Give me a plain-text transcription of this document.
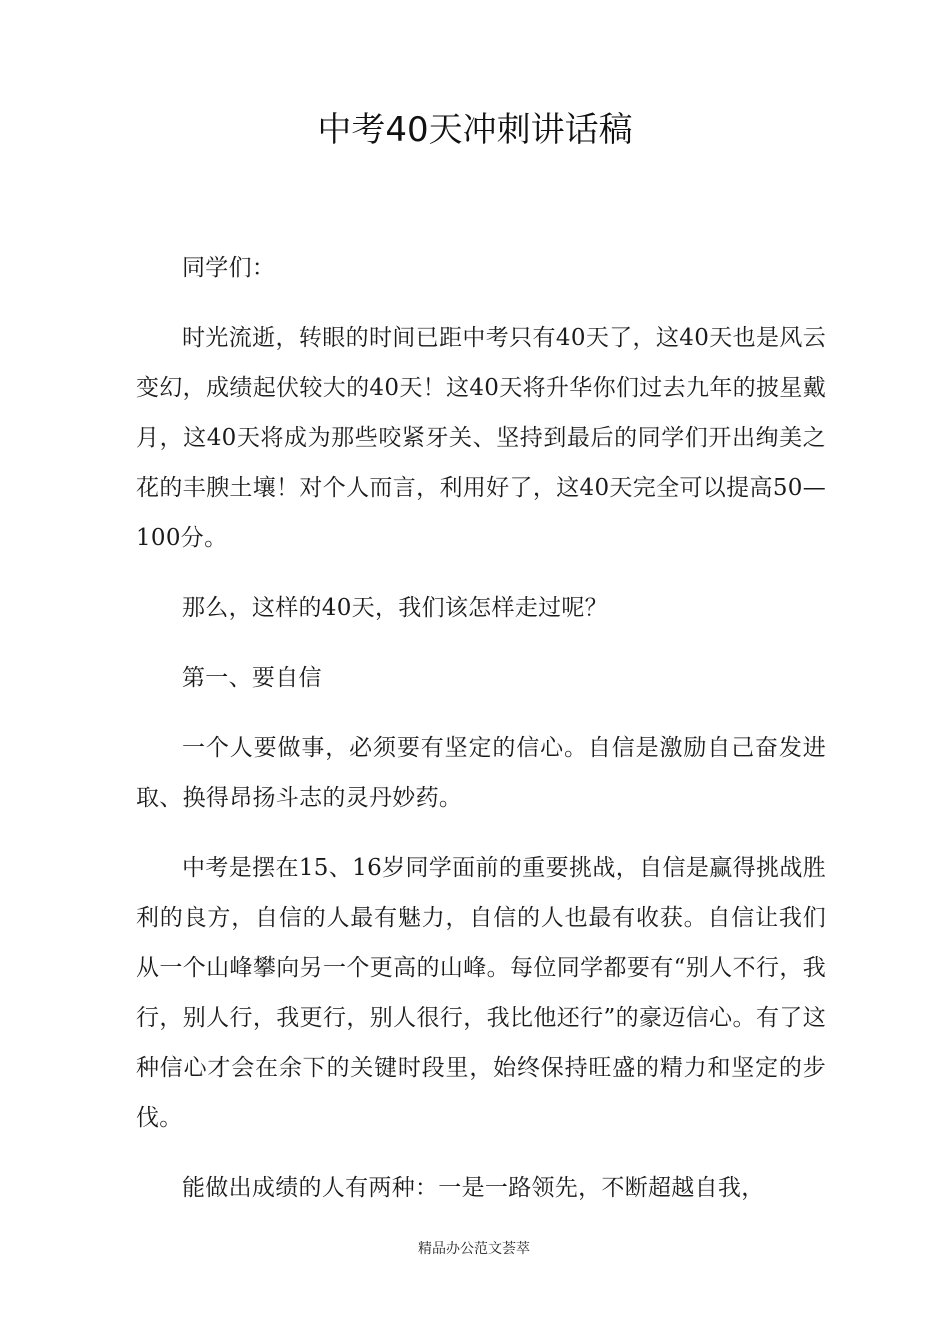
中考40天冲刺讲话稿

同学们：

时光流逝，转眼的时间已距中考只有40天了，这40天也是风云变幻，成绩起伏较大的40天！这40天将升华你们过去九年的披星戴月，这40天将成为那些咬紧牙关、坚持到最后的同学们开出绚美之花的丰腴土壤！对个人而言，利用好了，这40天完全可以提高50—100分。

那么，这样的40天，我们该怎样走过呢？

第一、要自信

一个人要做事，必须要有坚定的信心。自信是激励自己奋发进取、换得昂扬斗志的灵丹妙药。

中考是摆在15、16岁同学面前的重要挑战，自信是赢得挑战胜利的良方，自信的人最有魅力，自信的人也最有收获。自信让我们从一个山峰攀向另一个更高的山峰。每位同学都要有“别人不行，我行，别人行，我更行，别人很行，我比他还行”的豪迈信心。有了这种信心才会在余下的关键时段里，始终保持旺盛的精力和坚定的步伐。

能做出成绩的人有两种：一是一路领先，不断超越自我，

精品办公范文荟萃
